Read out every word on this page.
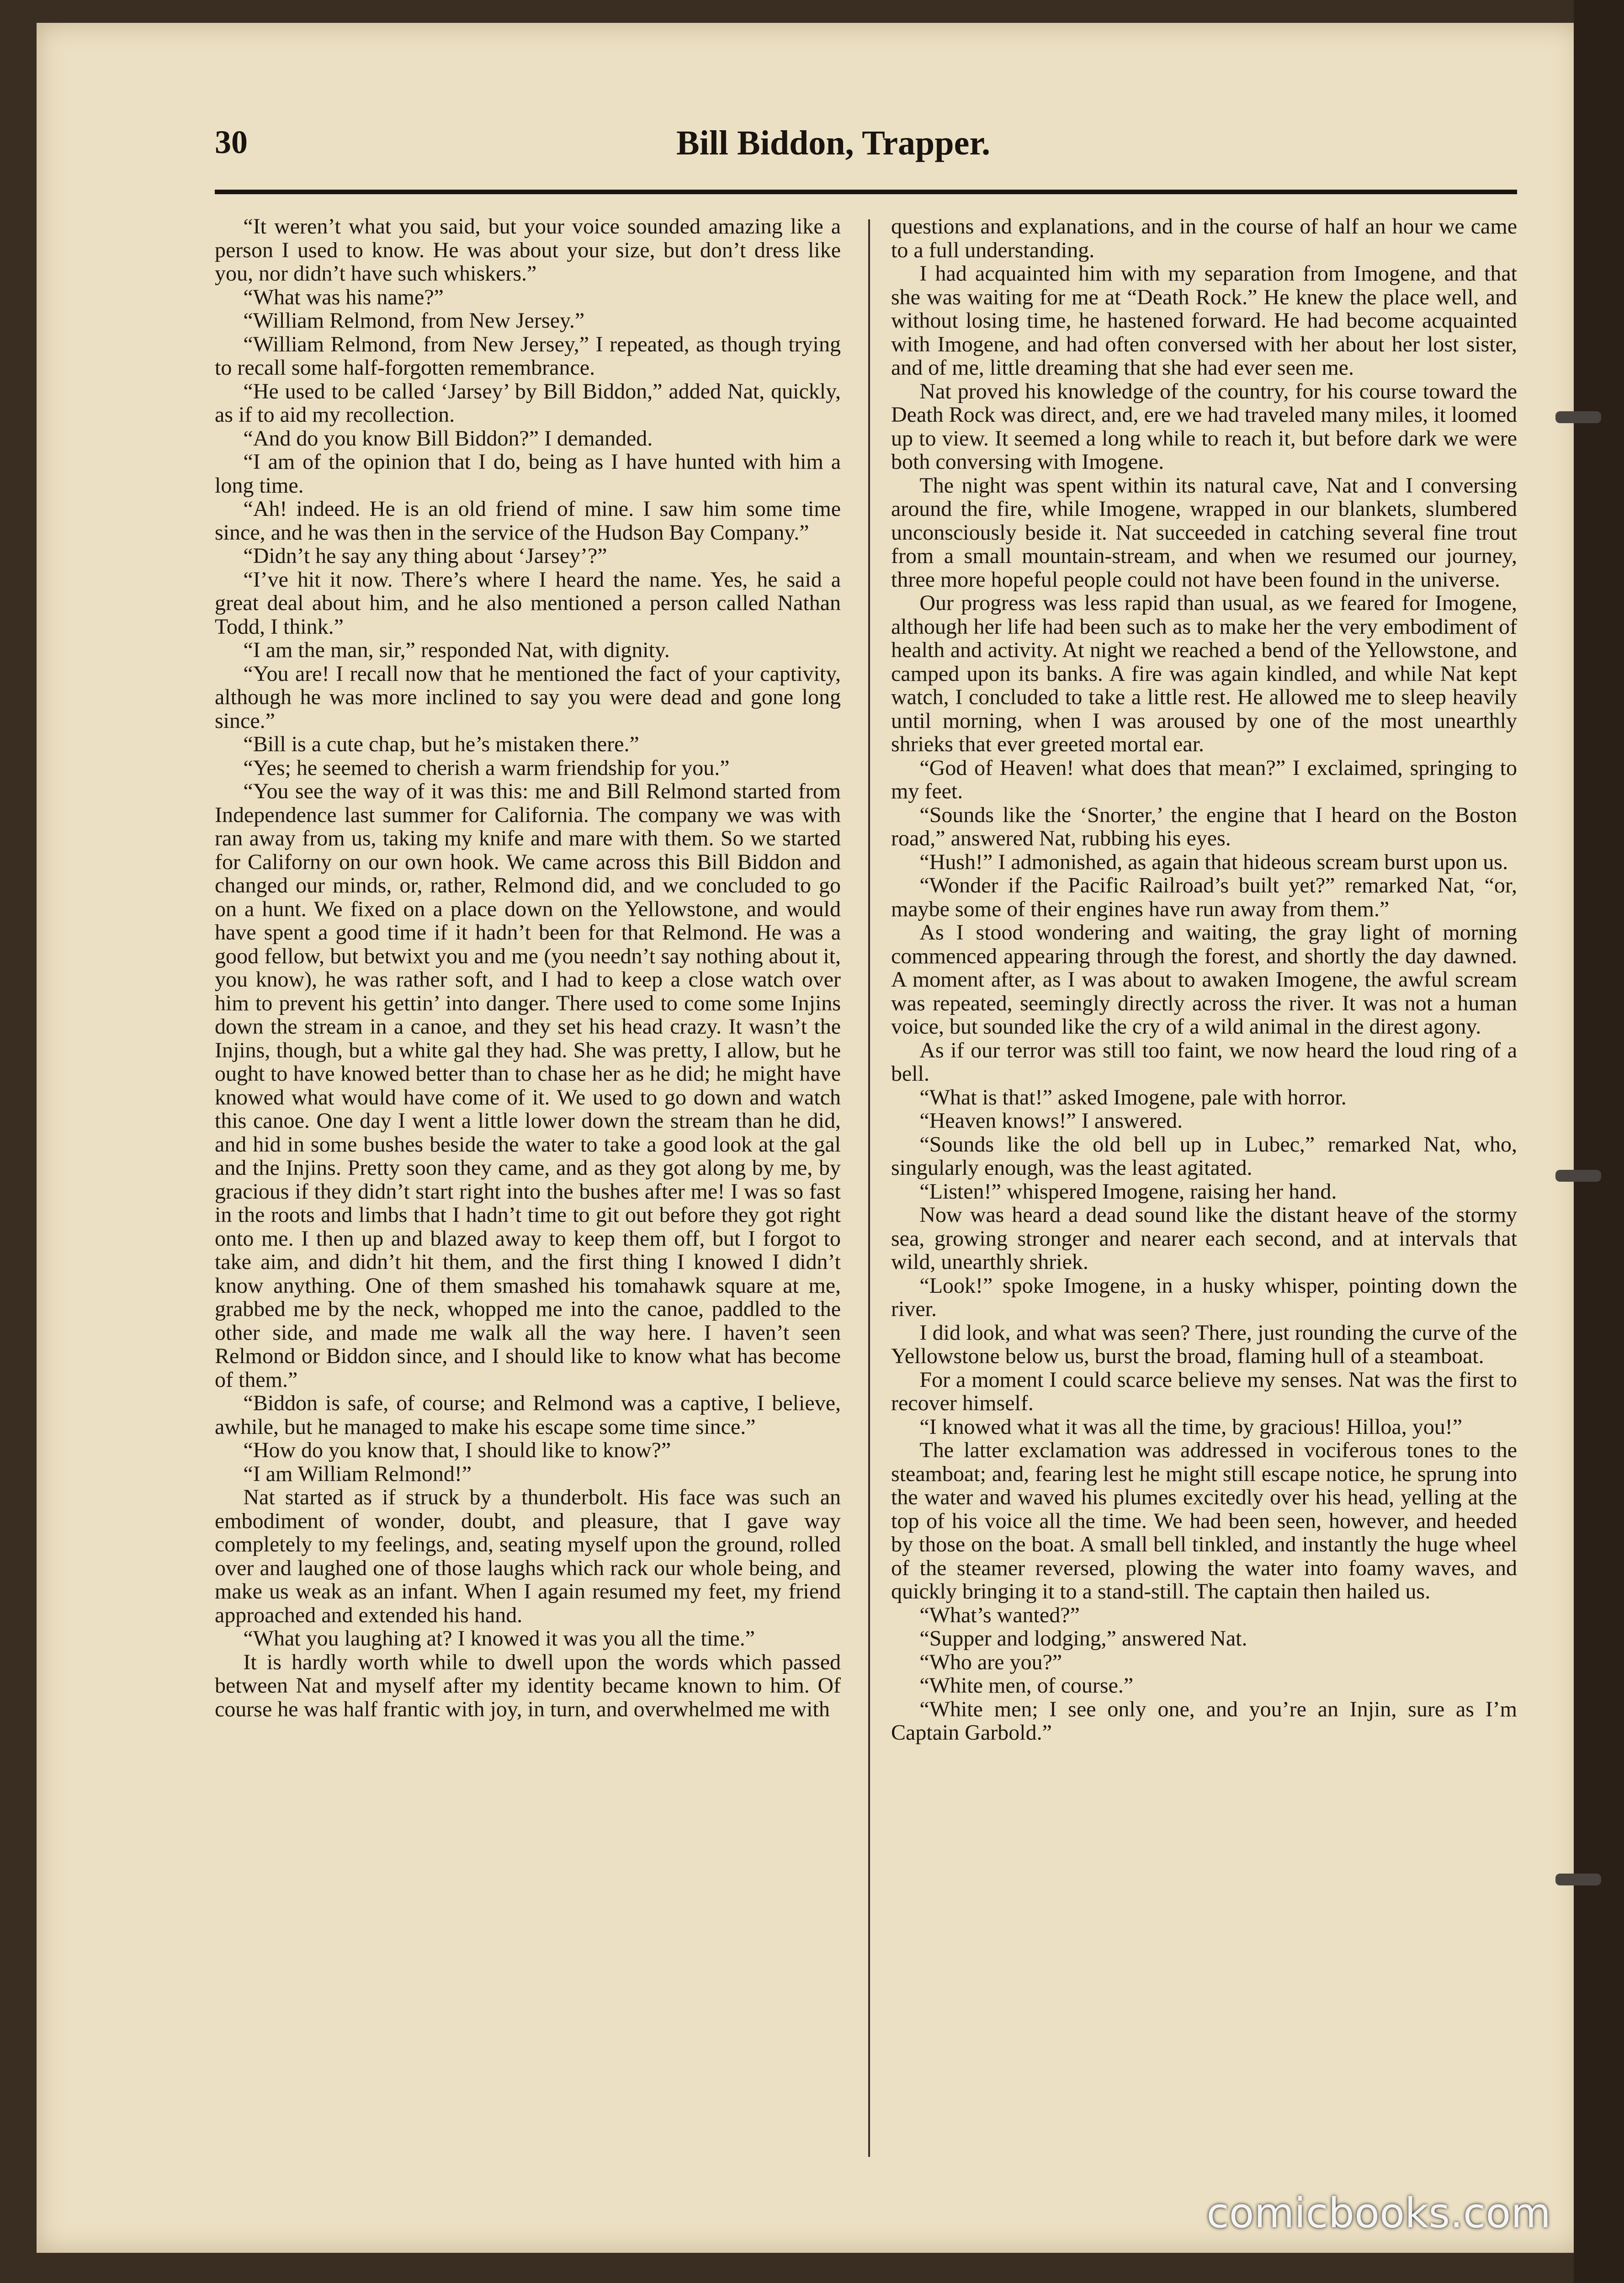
30	Bill Biddon, Trapper.

“It weren’t what you said, but your voice sounded amazing like a person I used to know. He was about your size, but don’t dress like you, nor didn’t have such whiskers.”

“What was his name?”

“William Relmond, from New Jersey.”

“William Relmond, from New Jersey,” I repeated, as though trying to recall some half-forgotten remembrance.

“He used to be called ‘Jarsey’ by Bill Biddon,” added Nat, quickly, as if to aid my recollection.

“And do you know Bill Biddon?” I demanded.

“I am of the opinion that I do, being as I have hunted with him a long time.

“Ah! indeed. He is an old friend of mine. I saw him some time since, and he was then in the service of the Hudson Bay Company.”

“Didn’t he say any thing about ‘Jarsey’?”

“I’ve hit it now. There’s where I heard the name. Yes, he said a great deal about him, and he also mentioned a person called Nathan Todd, I think.”

“I am the man, sir,” responded Nat, with dignity.

“You are! I recall now that he mentioned the fact of your captivity, although he was more inclined to say you were dead and gone long since.”

“Bill is a cute chap, but he’s mistaken there.”

“Yes; he seemed to cherish a warm friendship for you.”

“You see the way of it was this: me and Bill Relmond started from Independence last summer for California. The company we was with ran away from us, taking my knife and mare with them. So we started for Californy on our own hook. We came across this Bill Biddon and changed our minds, or, rather, Relmond did, and we concluded to go on a hunt. We fixed on a place down on the Yellowstone, and would have spent a good time if it hadn’t been for that Relmond. He was a good fellow, but betwixt you and me (you needn’t say nothing about it, you know), he was rather soft, and I had to keep a close watch over him to prevent his gettin’ into danger. There used to come some Injins down the stream in a canoe, and they set his head crazy. It wasn’t the Injins, though, but a white gal they had. She was pretty, I allow, but he ought to have knowed better than to chase her as he did; he might have knowed what would have come of it. We used to go down and watch this canoe. One day I went a little lower down the stream than he did, and hid in some bushes beside the water to take a good look at the gal and the Injins. Pretty soon they came, and as they got along by me, by gracious if they didn’t start right into the bushes after me! I was so fast in the roots and limbs that I hadn’t time to git out before they got right onto me. I then up and blazed away to keep them off, but I forgot to take aim, and didn’t hit them, and the first thing I knowed I didn’t know anything. One of them smashed his tomahawk square at me, grabbed me by the neck, whopped me into the canoe, paddled to the other side, and made me walk all the way here. I haven’t seen Relmond or Biddon since, and I should like to know what has become of them.”

“Biddon is safe, of course; and Relmond was a captive, I believe, awhile, but he managed to make his escape some time since.”

“How do you know that, I should like to know?”

“I am William Relmond!”

Nat started as if struck by a thunderbolt. His face was such an embodiment of wonder, doubt, and pleasure, that I gave way completely to my feelings, and, seating myself upon the ground, rolled over and laughed one of those laughs which rack our whole being, and make us weak as an infant. When I again resumed my feet, my friend approached and extended his hand.

“What you laughing at? I knowed it was you all the time.”

It is hardly worth while to dwell upon the words which passed between Nat and myself after my identity became known to him. Of course he was half frantic with joy, in turn, and overwhelmed me with

questions and explanations, and in the course of half an hour we came to a full understanding.

I had acquainted him with my separation from Imogene, and that she was waiting for me at “Death Rock.” He knew the place well, and without losing time, he hastened forward. He had become acquainted with Imogene, and had often conversed with her about her lost sister, and of me, little dreaming that she had ever seen me.

Nat proved his knowledge of the country, for his course toward the Death Rock was direct, and, ere we had traveled many miles, it loomed up to view. It seemed a long while to reach it, but before dark we were both conversing with Imogene.

The night was spent within its natural cave, Nat and I conversing around the fire, while Imogene, wrapped in our blankets, slumbered unconsciously beside it. Nat succeeded in catching several fine trout from a small mountain-stream, and when we resumed our journey, three more hopeful people could not have been found in the universe.

Our progress was less rapid than usual, as we feared for Imogene, although her life had been such as to make her the very embodiment of health and activity. At night we reached a bend of the Yellowstone, and camped upon its banks. A fire was again kindled, and while Nat kept watch, I concluded to take a little rest. He allowed me to sleep heavily until morning, when I was aroused by one of the most unearthly shrieks that ever greeted mortal ear.

“God of Heaven! what does that mean?” I exclaimed, springing to my feet.

“Sounds like the ‘Snorter,’ the engine that I heard on the Boston road,” answered Nat, rubbing his eyes.

“Hush!” I admonished, as again that hideous scream burst upon us.

“Wonder if the Pacific Railroad’s built yet?” remarked Nat, “or, maybe some of their engines have run away from them.”

As I stood wondering and waiting, the gray light of morning commenced appearing through the forest, and shortly the day dawned. A moment after, as I was about to awaken Imogene, the awful scream was repeated, seemingly directly across the river. It was not a human voice, but sounded like the cry of a wild animal in the direst agony.

As if our terror was still too faint, we now heard the loud ring of a bell.

“What is that!” asked Imogene, pale with horror.

“Heaven knows!” I answered.

“Sounds like the old bell up in Lubec,” remarked Nat, who, singularly enough, was the least agitated.

“Listen!” whispered Imogene, raising her hand.

Now was heard a dead sound like the distant heave of the stormy sea, growing stronger and nearer each second, and at intervals that wild, unearthly shriek.

“Look!” spoke Imogene, in a husky whisper, pointing down the river.

I did look, and what was seen? There, just rounding the curve of the Yellowstone below us, burst the broad, flaming hull of a steamboat.

For a moment I could scarce believe my senses. Nat was the first to recover himself.

“I knowed what it was all the time, by gracious! Hilloa, you!”

The latter exclamation was addressed in vociferous tones to the steamboat; and, fearing lest he might still escape notice, he sprung into the water and waved his plumes excitedly over his head, yelling at the top of his voice all the time. We had been seen, however, and heeded by those on the boat. A small bell tinkled, and instantly the huge wheel of the steamer reversed, plowing the water into foamy waves, and quickly bringing it to a stand-still. The captain then hailed us.

“What’s wanted?”

“Supper and lodging,” answered Nat.

“Who are you?”

“White men, of course.”

“White men; I see only one, and you’re an Injin, sure as I’m Captain Garbold.”

comicbooks.com
